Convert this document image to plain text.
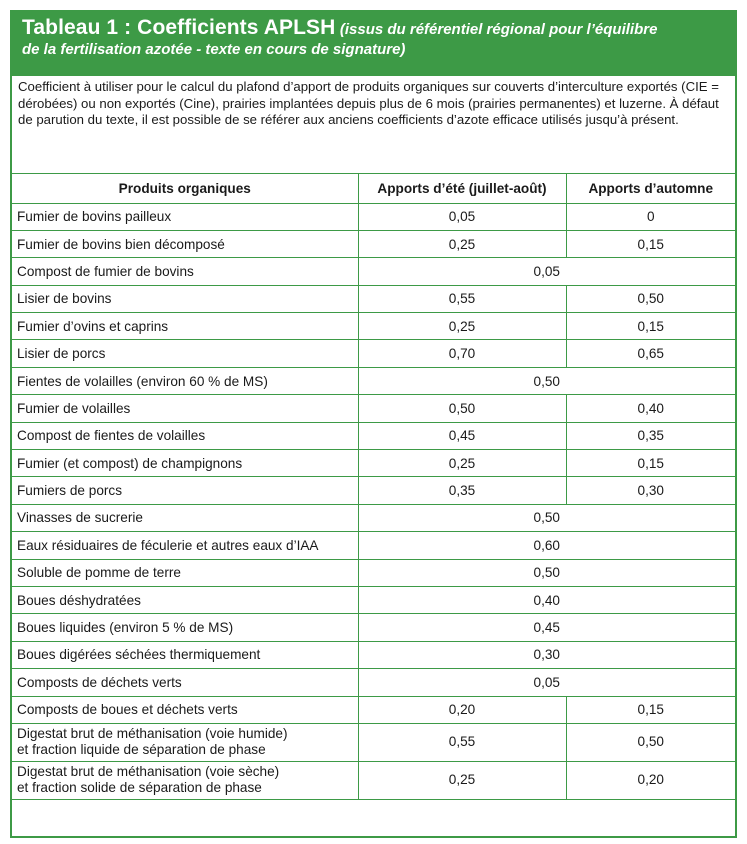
Tableau 1 : Coefficients APLSH (issus du référentiel régional pour l’équilibre
de la fertilisation azotée - texte en cours de signature)
Coefficient à utiliser pour le calcul du plafond d’apport de produits organiques sur couverts d’interculture exportés (CIE = dérobées) ou non exportés (Cine), prairies implantées depuis plus de 6 mois (prairies permanentes) et luzerne. À défaut de parution du texte, il est possible de se référer aux anciens coefficients d’azote efficace utilisés jusqu’à présent.
Produits organiques	Apports d’été (juillet-août)	Apports d’automne
Fumier de bovins pailleux	0,05	0
Fumier de bovins bien décomposé	0,25	0,15
Compost de fumier de bovins	0,05	
Lisier de bovins	0,55	0,50
Fumier d’ovins et caprins	0,25	0,15
Lisier de porcs	0,70	0,65
Fientes de volailles (environ 60 % de MS)	0,50	
Fumier de volailles	0,50	0,40
Compost de fientes de volailles	0,45	0,35
Fumier (et compost) de champignons	0,25	0,15
Fumiers de porcs	0,35	0,30
Vinasses de sucrerie	0,50	
Eaux résiduaires de féculerie et autres eaux d’IAA	0,60	
Soluble de pomme de terre	0,50	
Boues déshydratées	0,40	
Boues liquides (environ 5 % de MS)	0,45	
Boues digérées séchées thermiquement	0,30	
Composts de déchets verts	0,05	
Composts de boues et déchets verts	0,20	0,15
Digestat brut de méthanisation (voie humide)
et fraction liquide de séparation de phase	0,55	0,50
Digestat brut de méthanisation (voie sèche)
et fraction solide de séparation de phase	0,25	0,20
